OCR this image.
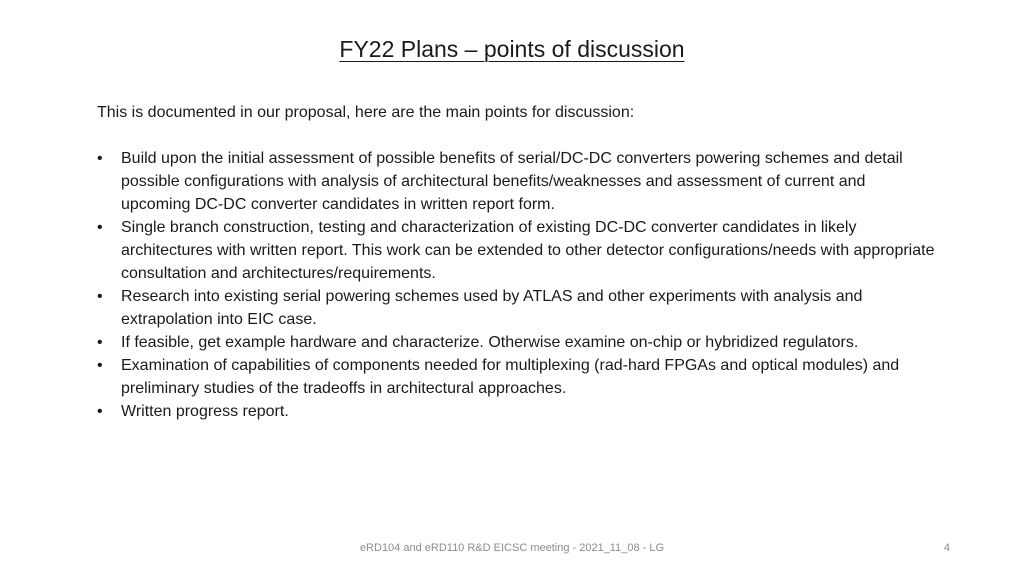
FY22 Plans – points of discussion
This is documented in our proposal, here are the main points for discussion:
•	Build upon the initial assessment of possible benefits of serial/DC-DC converters powering schemes and detail possible configurations with analysis of architectural benefits/weaknesses and assessment of current and upcoming DC-DC converter candidates in written report form.
•	Single branch construction, testing and characterization of existing DC-DC converter candidates in likely architectures with written report. This work can be extended to other detector configurations/needs with appropriate consultation and architectures/requirements.
•	Research into existing serial powering schemes used by ATLAS and other experiments with analysis and extrapolation into EIC case.
•	If feasible, get example hardware and characterize. Otherwise examine on-chip or hybridized regulators.
•	Examination of capabilities of components needed for multiplexing (rad-hard FPGAs and optical modules) and preliminary studies of the tradeoffs in architectural approaches.
•	Written progress report.
eRD104 and eRD110 R&D EICSC meeting - 2021_11_08 - LG	4
